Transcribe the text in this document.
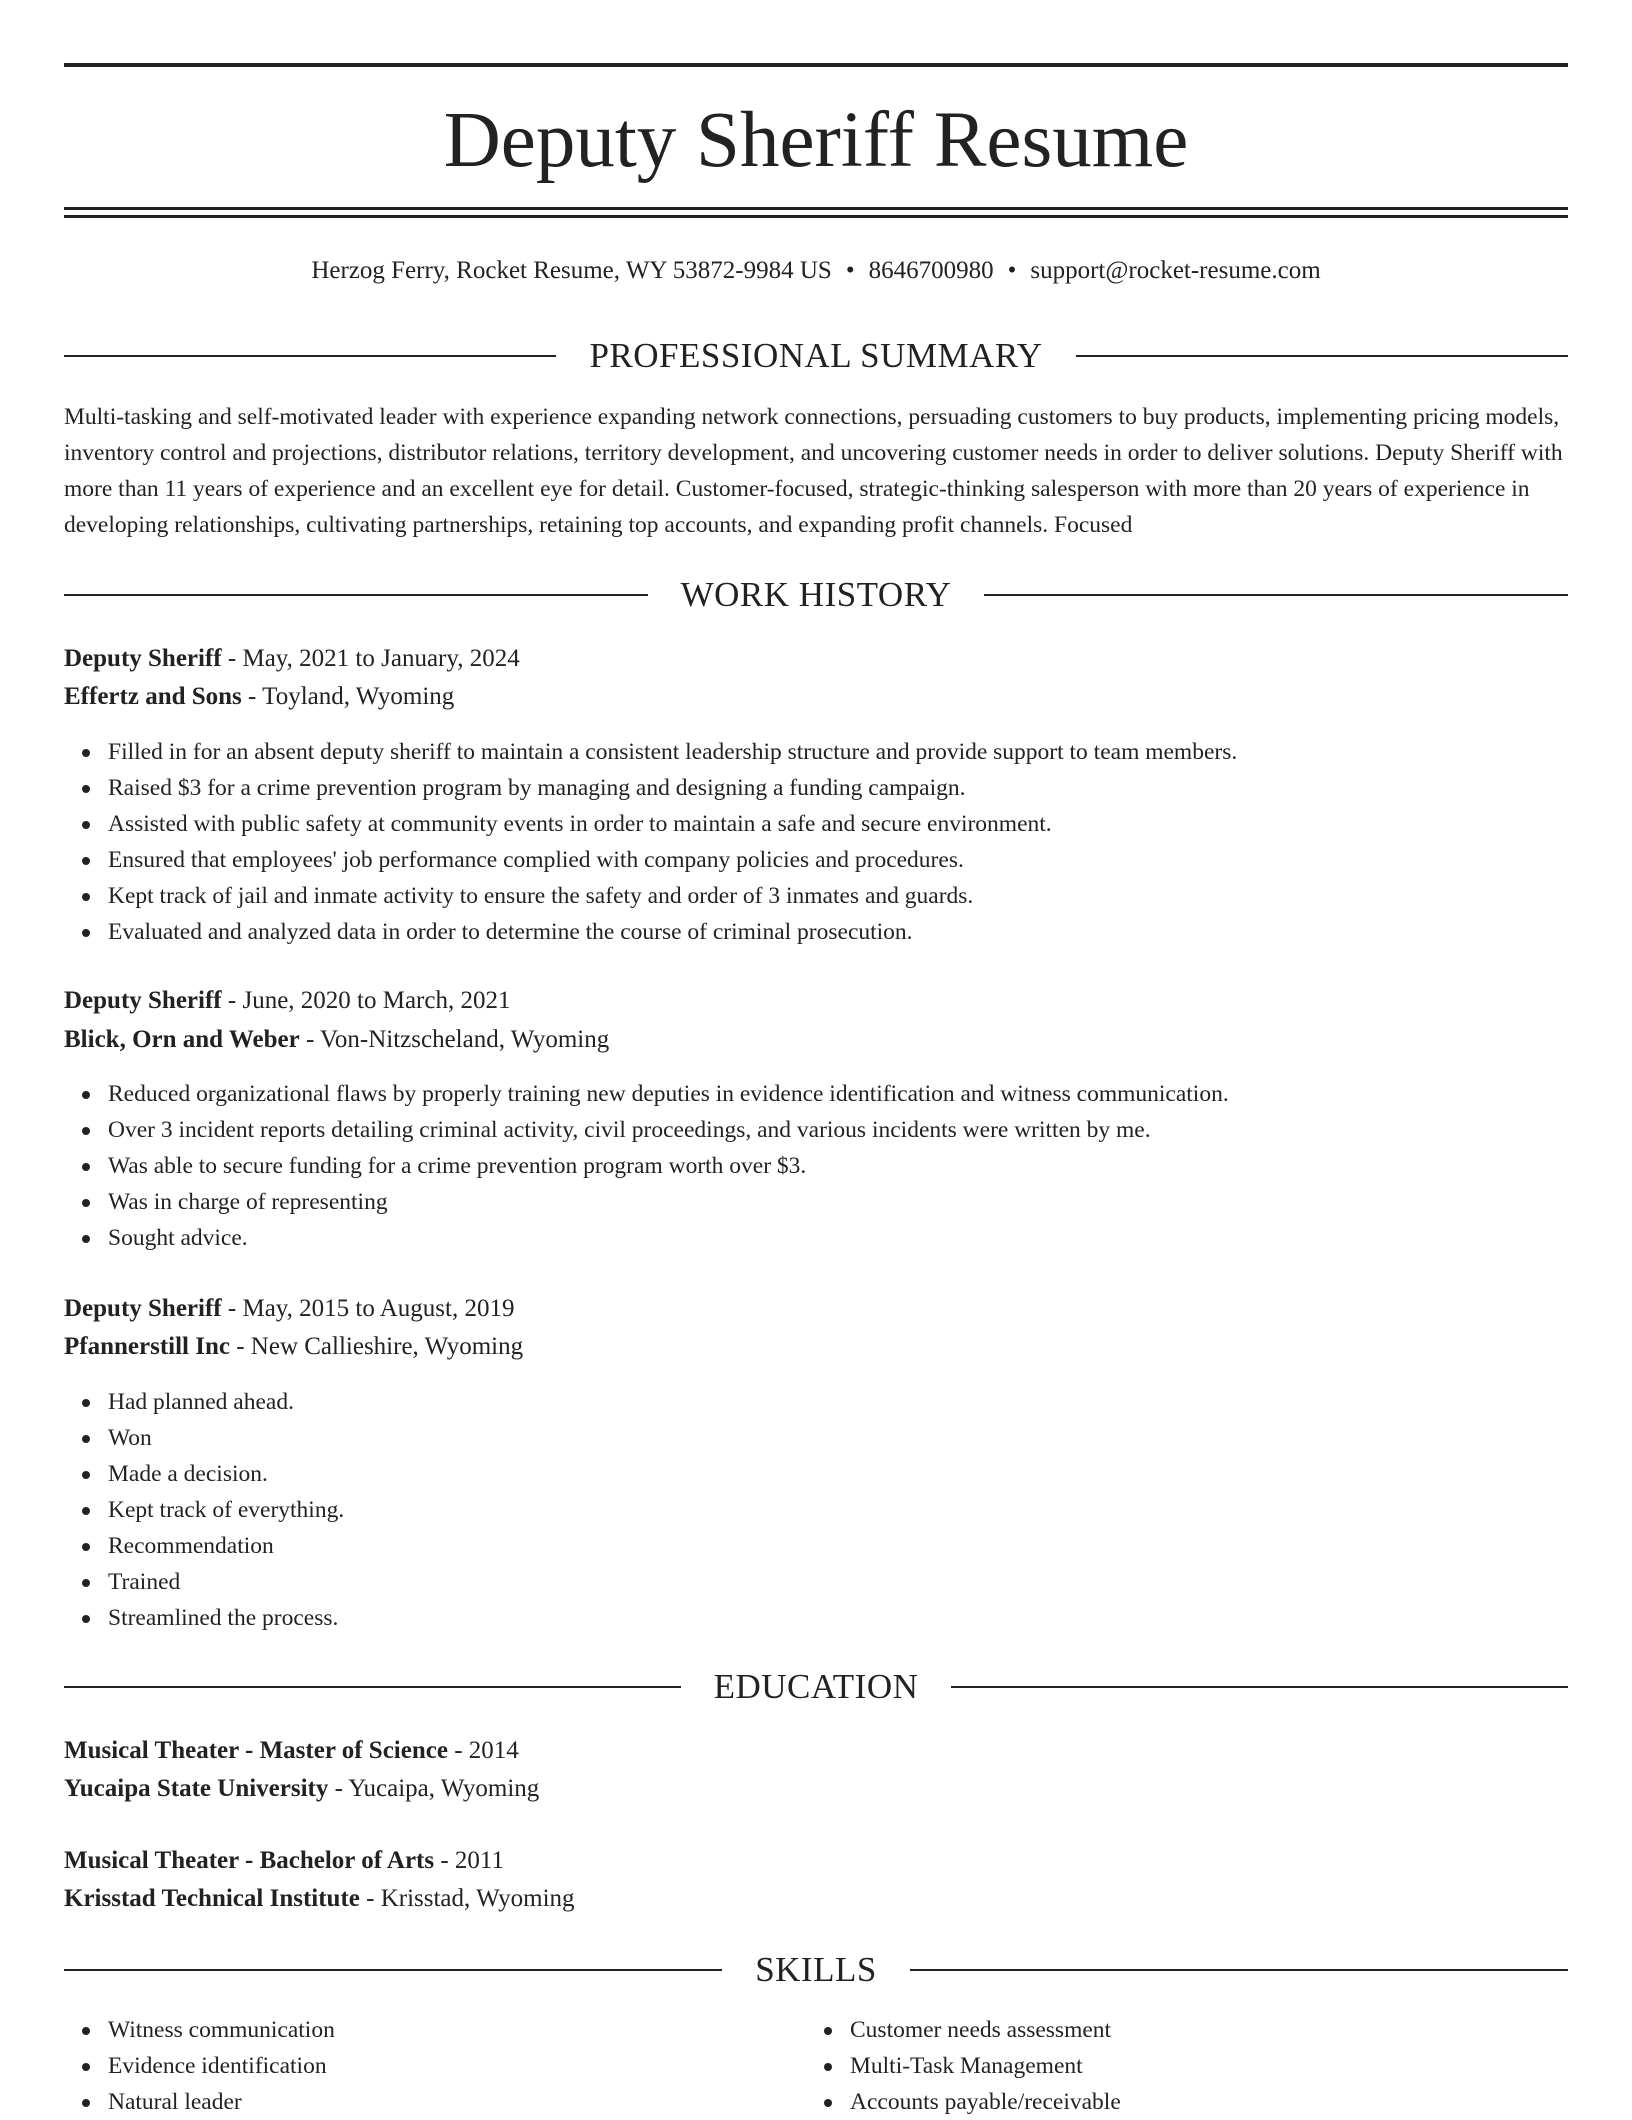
Deputy Sheriff Resume
Herzog Ferry, Rocket Resume, WY 53872-9984 US • 8646700980 • support@rocket-resume.com
PROFESSIONAL SUMMARY

Multi-tasking and self-motivated leader with experience expanding network connections, persuading customers to buy products, implementing pricing models, inventory control and projections, distributor relations, territory development, and uncovering customer needs in order to deliver solutions. Deputy Sheriff with more than 11 years of experience and an excellent eye for detail. Customer-focused, strategic-thinking salesperson with more than 20 years of experience in developing relationships, cultivating partnerships, retaining top accounts, and expanding profit channels. Focused

WORK HISTORY
Deputy Sheriff - May, 2021 to January, 2024
Effertz and Sons - Toyland, Wyoming
Filled in for an absent deputy sheriff to maintain a consistent leadership structure and provide support to team members.
Raised $3 for a crime prevention program by managing and designing a funding campaign.
Assisted with public safety at community events in order to maintain a safe and secure environment.
Ensured that employees' job performance complied with company policies and procedures.
Kept track of jail and inmate activity to ensure the safety and order of 3 inmates and guards.
Evaluated and analyzed data in order to determine the course of criminal prosecution.
Deputy Sheriff - June, 2020 to March, 2021
Blick, Orn and Weber - Von-Nitzscheland, Wyoming
Reduced organizational flaws by properly training new deputies in evidence identification and witness communication.
Over 3 incident reports detailing criminal activity, civil proceedings, and various incidents were written by me.
Was able to secure funding for a crime prevention program worth over $3.
Was in charge of representing
Sought advice.
Deputy Sheriff - May, 2015 to August, 2019
Pfannerstill Inc - New Callieshire, Wyoming
Had planned ahead.
Won
Made a decision.
Kept track of everything.
Recommendation
Trained
Streamlined the process.
EDUCATION
Musical Theater - Master of Science - 2014
Yucaipa State University - Yucaipa, Wyoming
Musical Theater - Bachelor of Arts - 2011
Krisstad Technical Institute - Krisstad, Wyoming
SKILLS
Witness communication
Evidence identification
Natural leader
Customer needs assessment
Multi-Task Management
Accounts payable/receivable
